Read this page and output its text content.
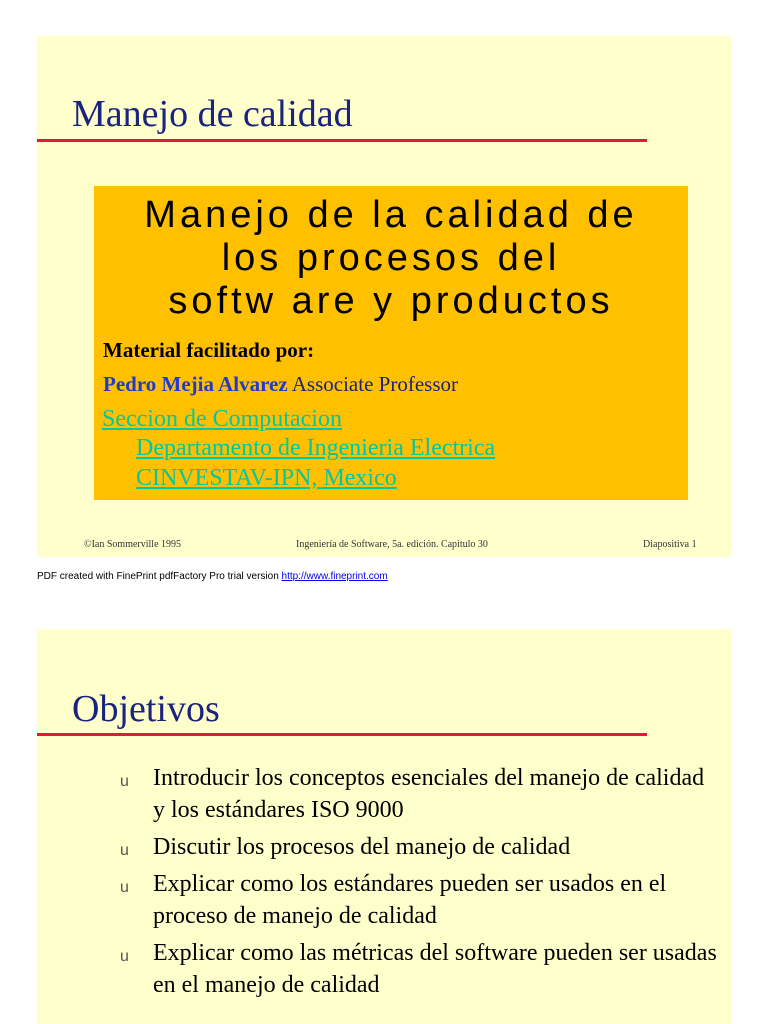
Manejo de calidad
Manejo de la calidad de
los procesos del
softw are y productos
Material facilitado por:
Pedro Mejia Alvarez Associate Professor
Seccion de Computacion
Departamento de Ingenieria Electrica
CINVESTAV-IPN, Mexico
©Ian Sommerville 1995	Ingeniería de Software, 5a. edición. Capitulo 30	Diapositiva 1
PDF created with FinePrint pdfFactory Pro trial version http://www.fineprint.com
Objetivos
u Introducir los conceptos esenciales del manejo de calidad y los estándares ISO 9000
u Discutir los procesos del manejo de calidad
u Explicar como los estándares pueden ser usados en el proceso de manejo de calidad
u Explicar como las métricas del software pueden ser usadas en el manejo de calidad
